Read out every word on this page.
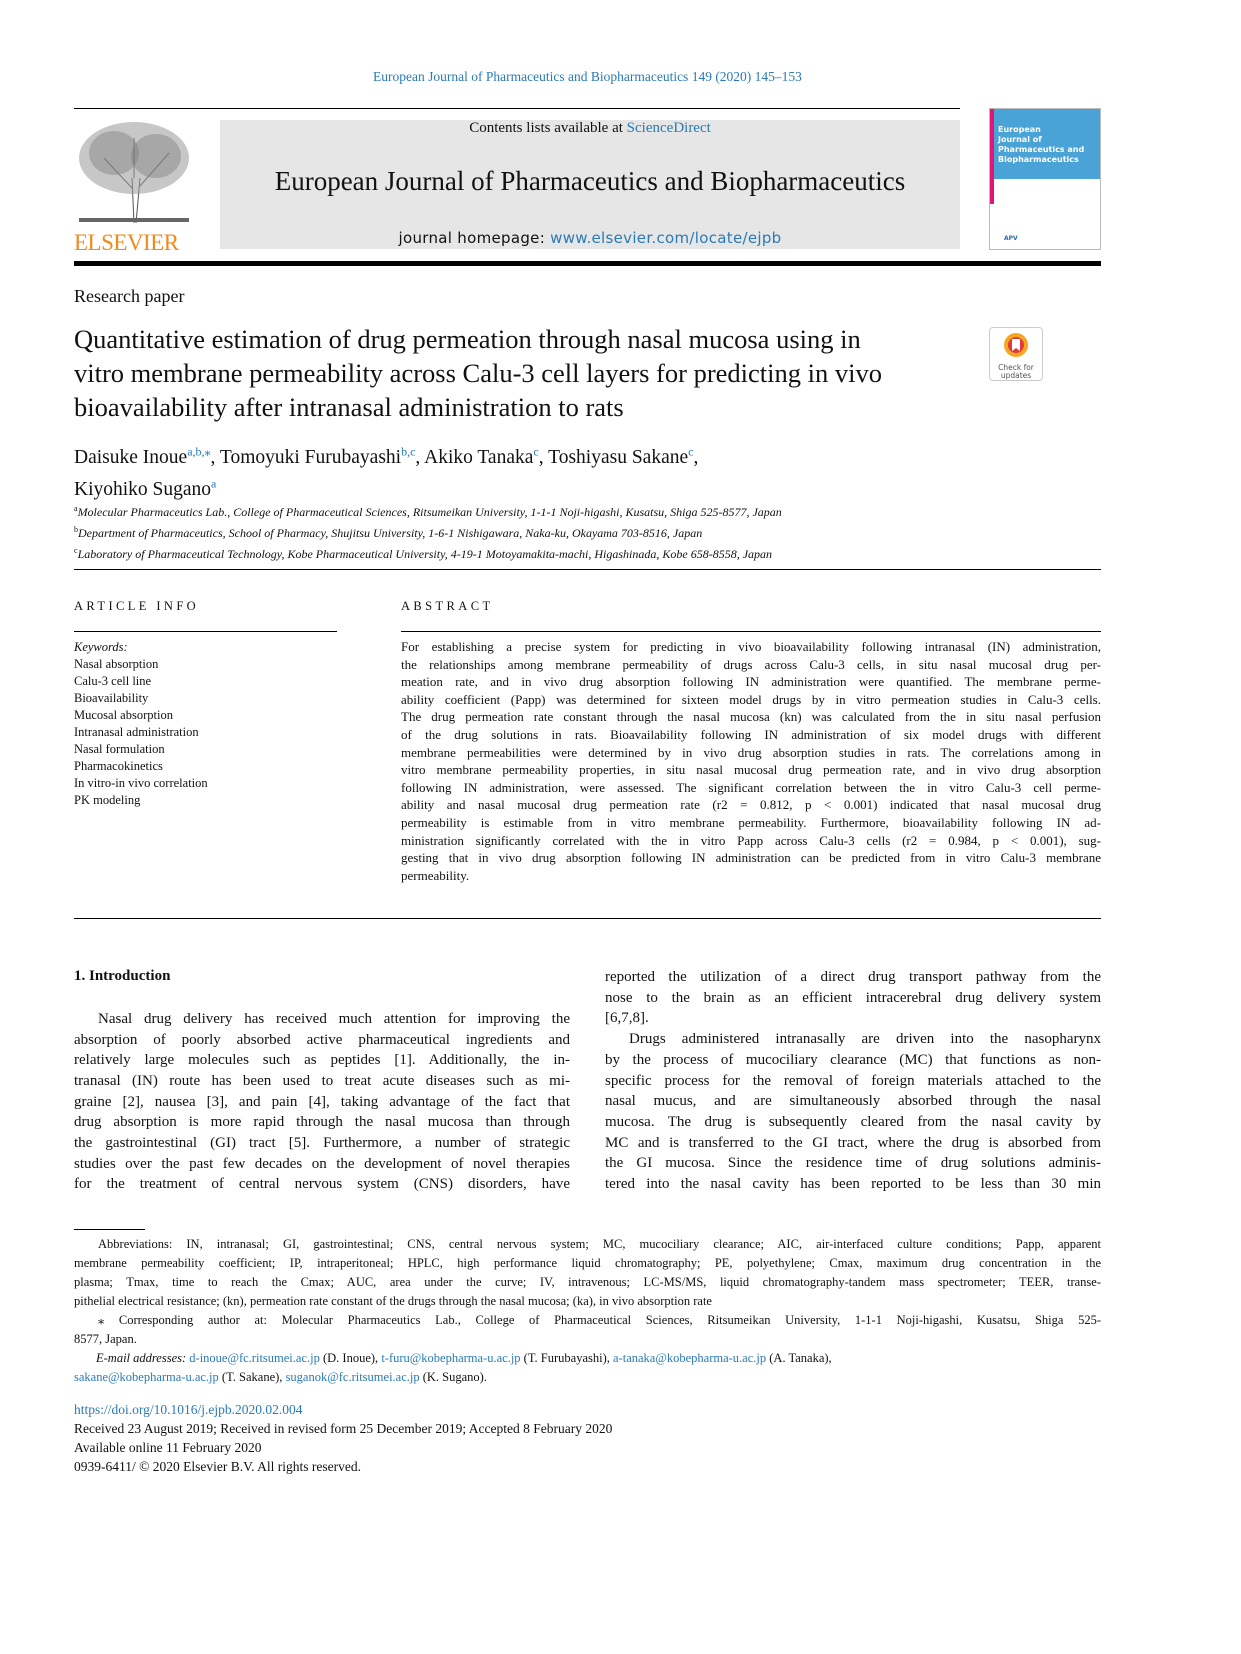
European Journal of Pharmaceutics and Biopharmaceutics 149 (2020) 145–153
ELSEVIER
Contents lists available at ScienceDirect
European Journal of Pharmaceutics and Biopharmaceutics
journal homepage: www.elsevier.com/locate/ejpb
European
Journal of
Pharmaceutics and
Biopharmaceutics
APV
Research paper
Quantitative estimation of drug permeation through nasal mucosa using in
vitro membrane permeability across Calu-3 cell layers for predicting in vivo
bioavailability after intranasal administration to rats
Check for
updates
Daisuke Inoue$^{a,b,⁎}$, Tomoyuki Furubayashi$^{b,c}$, Akiko Tanaka$^c$, Toshiyasu Sakane$^c$,
Kiyohiko Sugano$^a$
$^a$Molecular Pharmaceutics Lab., College of Pharmaceutical Sciences, Ritsumeikan University, 1-1-1 Noji-higashi, Kusatsu, Shiga 525-8577, Japan
$^b$Department of Pharmaceutics, School of Pharmacy, Shujitsu University, 1-6-1 Nishigawara, Naka-ku, Okayama 703-8516, Japan
$^c$Laboratory of Pharmaceutical Technology, Kobe Pharmaceutical University, 4-19-1 Motoyamakita-machi, Higashinada, Kobe 658-8558, Japan
ARTICLE INFO
Keywords:
Nasal absorption
Calu-3 cell line
Bioavailability
Mucosal absorption
Intranasal administration
Nasal formulation
Pharmacokinetics
In vitro-in vivo correlation
PK modeling
ABSTRACT
For establishing a precise system for predicting in vivo bioavailability following intranasal (IN) administration,
the relationships among membrane permeability of drugs across Calu-3 cells, in situ nasal mucosal drug per-
meation rate, and in vivo drug absorption following IN administration were quantified. The membrane perme-
ability coefficient (Papp) was determined for sixteen model drugs by in vitro permeation studies in Calu-3 cells.
The drug permeation rate constant through the nasal mucosa (kn) was calculated from the in situ nasal perfusion
of the drug solutions in rats. Bioavailability following IN administration of six model drugs with different
membrane permeabilities were determined by in vivo drug absorption studies in rats. The correlations among in
vitro membrane permeability properties, in situ nasal mucosal drug permeation rate, and in vivo drug absorption
following IN administration, were assessed. The significant correlation between the in vitro Calu-3 cell perme-
ability and nasal mucosal drug permeation rate (r2 = 0.812, p < 0.001) indicated that nasal mucosal drug
permeability is estimable from in vitro membrane permeability. Furthermore, bioavailability following IN ad-
ministration significantly correlated with the in vitro Papp across Calu-3 cells (r2 = 0.984, p < 0.001), sug-
gesting that in vivo drug absorption following IN administration can be predicted from in vitro Calu-3 membrane
permeability.
1. Introduction
Nasal drug delivery has received much attention for improving the
absorption of poorly absorbed active pharmaceutical ingredients and
relatively large molecules such as peptides [1]. Additionally, the in-
tranasal (IN) route has been used to treat acute diseases such as mi-
graine [2], nausea [3], and pain [4], taking advantage of the fact that
drug absorption is more rapid through the nasal mucosa than through
the gastrointestinal (GI) tract [5]. Furthermore, a number of strategic
studies over the past few decades on the development of novel therapies
for the treatment of central nervous system (CNS) disorders, have
reported the utilization of a direct drug transport pathway from the
nose to the brain as an efficient intracerebral drug delivery system
[6,7,8].
Drugs administered intranasally are driven into the nasopharynx
by the process of mucociliary clearance (MC) that functions as non-
specific process for the removal of foreign materials attached to the
nasal mucus, and are simultaneously absorbed through the nasal
mucosa. The drug is subsequently cleared from the nasal cavity by
MC and is transferred to the GI tract, where the drug is absorbed from
the GI mucosa. Since the residence time of drug solutions adminis-
tered into the nasal cavity has been reported to be less than 30 min
Abbreviations: IN, intranasal; GI, gastrointestinal; CNS, central nervous system; MC, mucociliary clearance; AIC, air-interfaced culture conditions; Papp, apparent
membrane permeability coefficient; IP, intraperitoneal; HPLC, high performance liquid chromatography; PE, polyethylene; Cmax, maximum drug concentration in the
plasma; Tmax, time to reach the Cmax; AUC, area under the curve; IV, intravenous; LC-MS/MS, liquid chromatography-tandem mass spectrometer; TEER, transe-
pithelial electrical resistance; (kn), permeation rate constant of the drugs through the nasal mucosa; (ka), in vivo absorption rate
⁎ Corresponding author at: Molecular Pharmaceutics Lab., College of Pharmaceutical Sciences, Ritsumeikan University, 1-1-1 Noji-higashi, Kusatsu, Shiga 525-
8577, Japan.
E-mail addresses: d-inoue@fc.ritsumei.ac.jp (D. Inoue), t-furu@kobepharma-u.ac.jp (T. Furubayashi), a-tanaka@kobepharma-u.ac.jp (A. Tanaka),
sakane@kobepharma-u.ac.jp (T. Sakane), suganok@fc.ritsumei.ac.jp (K. Sugano).
https://doi.org/10.1016/j.ejpb.2020.02.004
Received 23 August 2019; Received in revised form 25 December 2019; Accepted 8 February 2020
Available online 11 February 2020
0939-6411/ © 2020 Elsevier B.V. All rights reserved.
